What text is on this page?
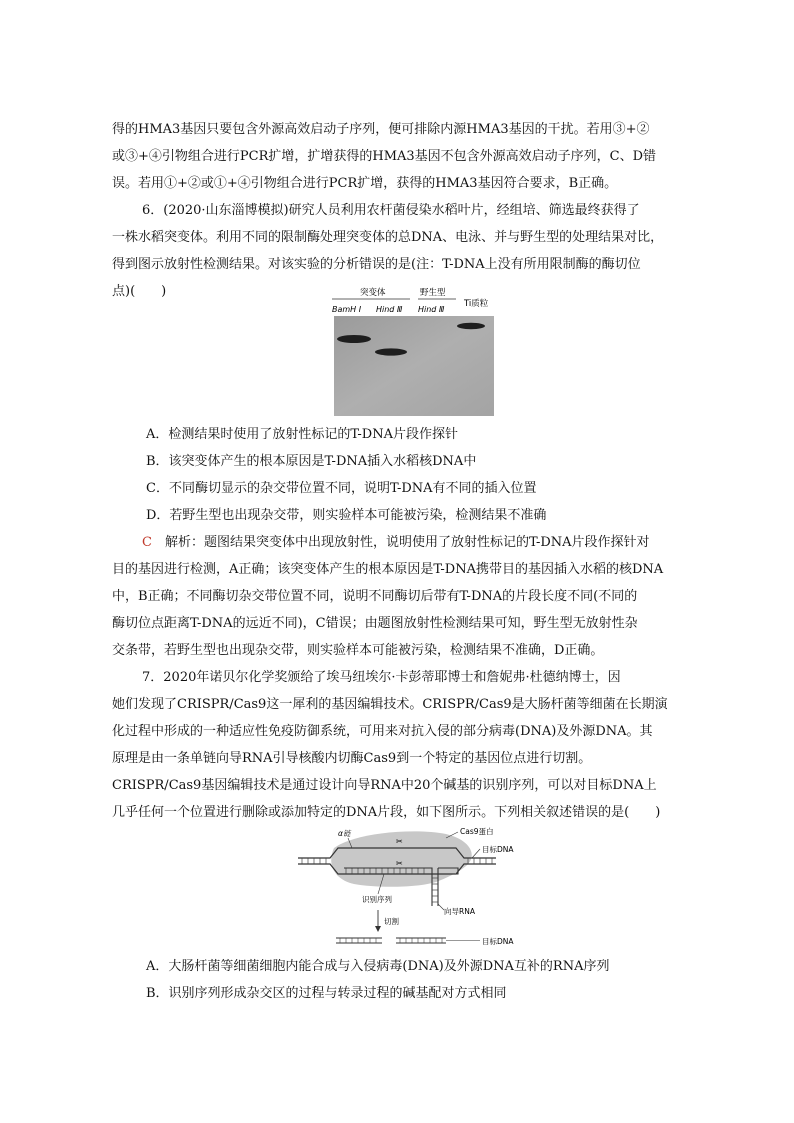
得的HMA3基因只要包含外源高效启动子序列，便可排除内源HMA3基因的干扰。若用③+②
或③+④引物组合进行PCR扩增，扩增获得的HMA3基因不包含外源高效启动子序列，C、D错
误。若用①+②或①+④引物组合进行PCR扩增，获得的HMA3基因符合要求，B正确。
6．(2020·山东淄博模拟)研究人员利用农杆菌侵染水稻叶片，经组培、筛选最终获得了
一株水稻突变体。利用不同的限制酶处理突变体的总DNA、电泳、并与野生型的处理结果对比，
得到图示放射性检测结果。对该实验的分析错误的是(注：T-DNA上没有所用限制酶的酶切位
点)(　　)	突变体	野生型
Ti质粒
BamH Ⅰ Hind Ⅲ Hind Ⅲ
A．检测结果时使用了放射性标记的T-DNA片段作探针
B．该突变体产生的根本原因是T-DNA插入水稻核DNA中
C．不同酶切显示的杂交带位置不同，说明T-DNA有不同的插入位置
D．若野生型也出现杂交带，则实验样本可能被污染，检测结果不准确
C　解析：题图结果突变体中出现放射性，说明使用了放射性标记的T-DNA片段作探针对
目的基因进行检测，A正确；该突变体产生的根本原因是T-DNA携带目的基因插入水稻的核DNA
中，B正确；不同酶切杂交带位置不同，说明不同酶切后带有T-DNA的片段长度不同(不同的
酶切位点距离T-DNA的远近不同)，C错误；由题图放射性检测结果可知，野生型无放射性杂
交条带，若野生型也出现杂交带，则实验样本可能被污染，检测结果不准确，D正确。
7．2020年诺贝尔化学奖颁给了埃马纽埃尔·卡彭蒂耶博士和詹妮弗·杜德纳博士，因
她们发现了CRISPR/Cas9这一犀利的基因编辑技术。CRISPR/Cas9是大肠杆菌等细菌在长期演
化过程中形成的一种适应性免疫防御系统，可用来对抗入侵的部分病毒(DNA)及外源DNA。其
原理是由一条单链向导RNA引导核酸内切酶Cas9到一个特定的基因位点进行切割。
CRISPR/Cas9基因编辑技术是通过设计向导RNA中20个碱基的识别序列，可以对目标DNA上
几乎任何一个位置进行删除或添加特定的DNA片段，如下图所示。下列相关叙述错误的是(　　)
✂
✂
α链	Cas9蛋白
目标DNA
识别序列
向导RNA
切割
目标DNA
A．大肠杆菌等细菌细胞内能合成与入侵病毒(DNA)及外源DNA互补的RNA序列
B．识别序列形成杂交区的过程与转录过程的碱基配对方式相同
